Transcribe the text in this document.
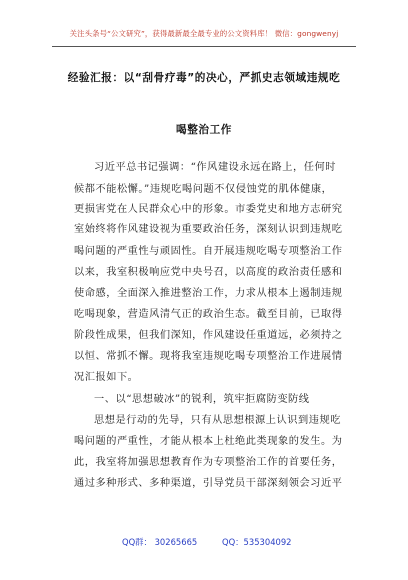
关注头条号“公文研究”，获得最新最全最专业的公文资料库！ 微信：gongwenyj
经验汇报：以“刮骨疗毒”的决心，严抓史志领域违规吃
喝整治工作
习近平总书记强调：“作风建设永远在路上，任何时
候都不能松懈。”违规吃喝问题不仅侵蚀党的肌体健康，
更损害党在人民群众心中的形象。市委党史和地方志研究
室始终将作风建设视为重要政治任务，深刻认识到违规吃
喝问题的严重性与顽固性。自开展违规吃喝专项整治工作
以来，我室积极响应党中央号召，以高度的政治责任感和
使命感，全面深入推进整治工作，力求从根本上遏制违规
吃喝现象，营造风清气正的政治生态。截至目前，已取得
阶段性成果，但我们深知，作风建设任重道远，必须持之
以恒、常抓不懈。现将我室违规吃喝专项整治工作进展情
况汇报如下。
一、以“思想破冰”的锐利，筑牢拒腐防变防线
思想是行动的先导，只有从思想根源上认识到违规吃
喝问题的严重性，才能从根本上杜绝此类现象的发生。为
此，我室将加强思想教育作为专项整治工作的首要任务，
通过多种形式、多种渠道，引导党员干部深刻领会习近平
QQ群： 30265665	QQ：535304092
